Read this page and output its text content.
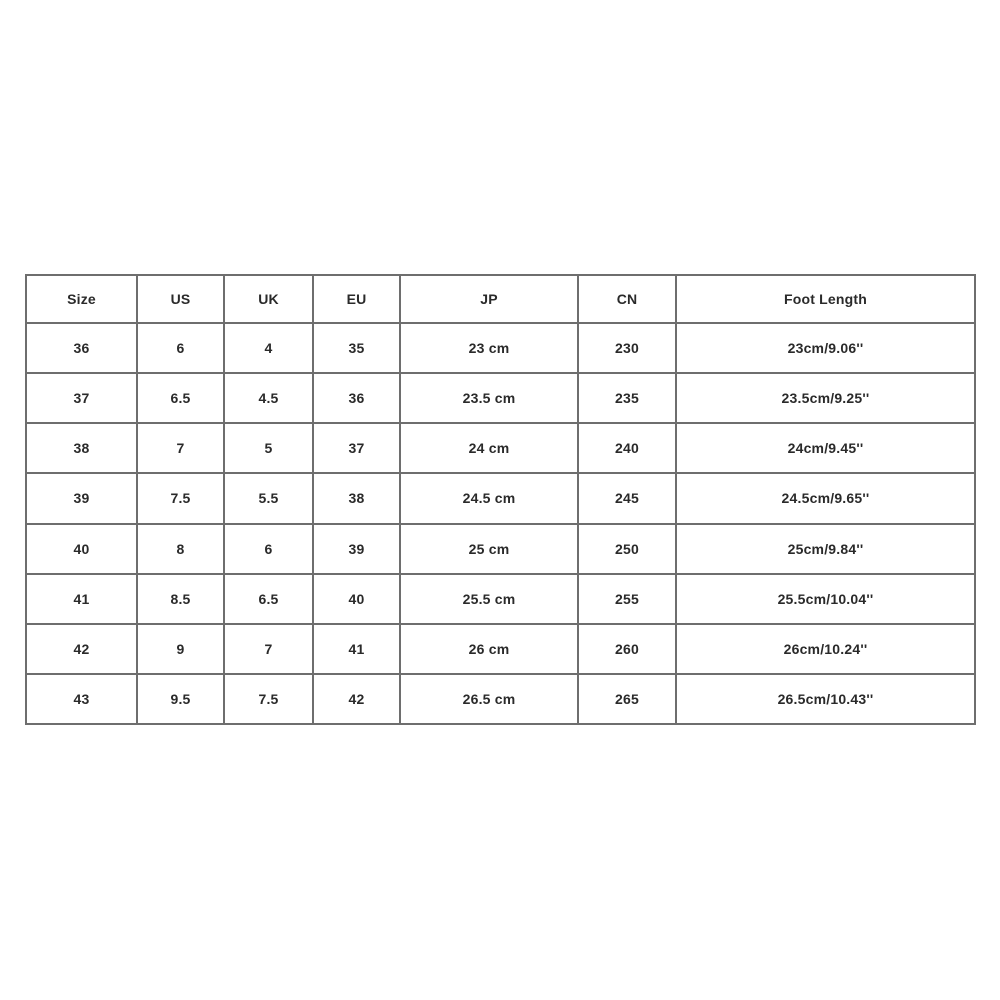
Size	US	UK	EU	JP	CN	Foot Length
36	6	4	35	23 cm	230	23cm/9.06''
37	6.5	4.5	36	23.5 cm	235	23.5cm/9.25''
38	7	5	37	24 cm	240	24cm/9.45''
39	7.5	5.5	38	24.5 cm	245	24.5cm/9.65''
40	8	6	39	25 cm	250	25cm/9.84''
41	8.5	6.5	40	25.5 cm	255	25.5cm/10.04''
42	9	7	41	26 cm	260	26cm/10.24''
43	9.5	7.5	42	26.5 cm	265	26.5cm/10.43''
